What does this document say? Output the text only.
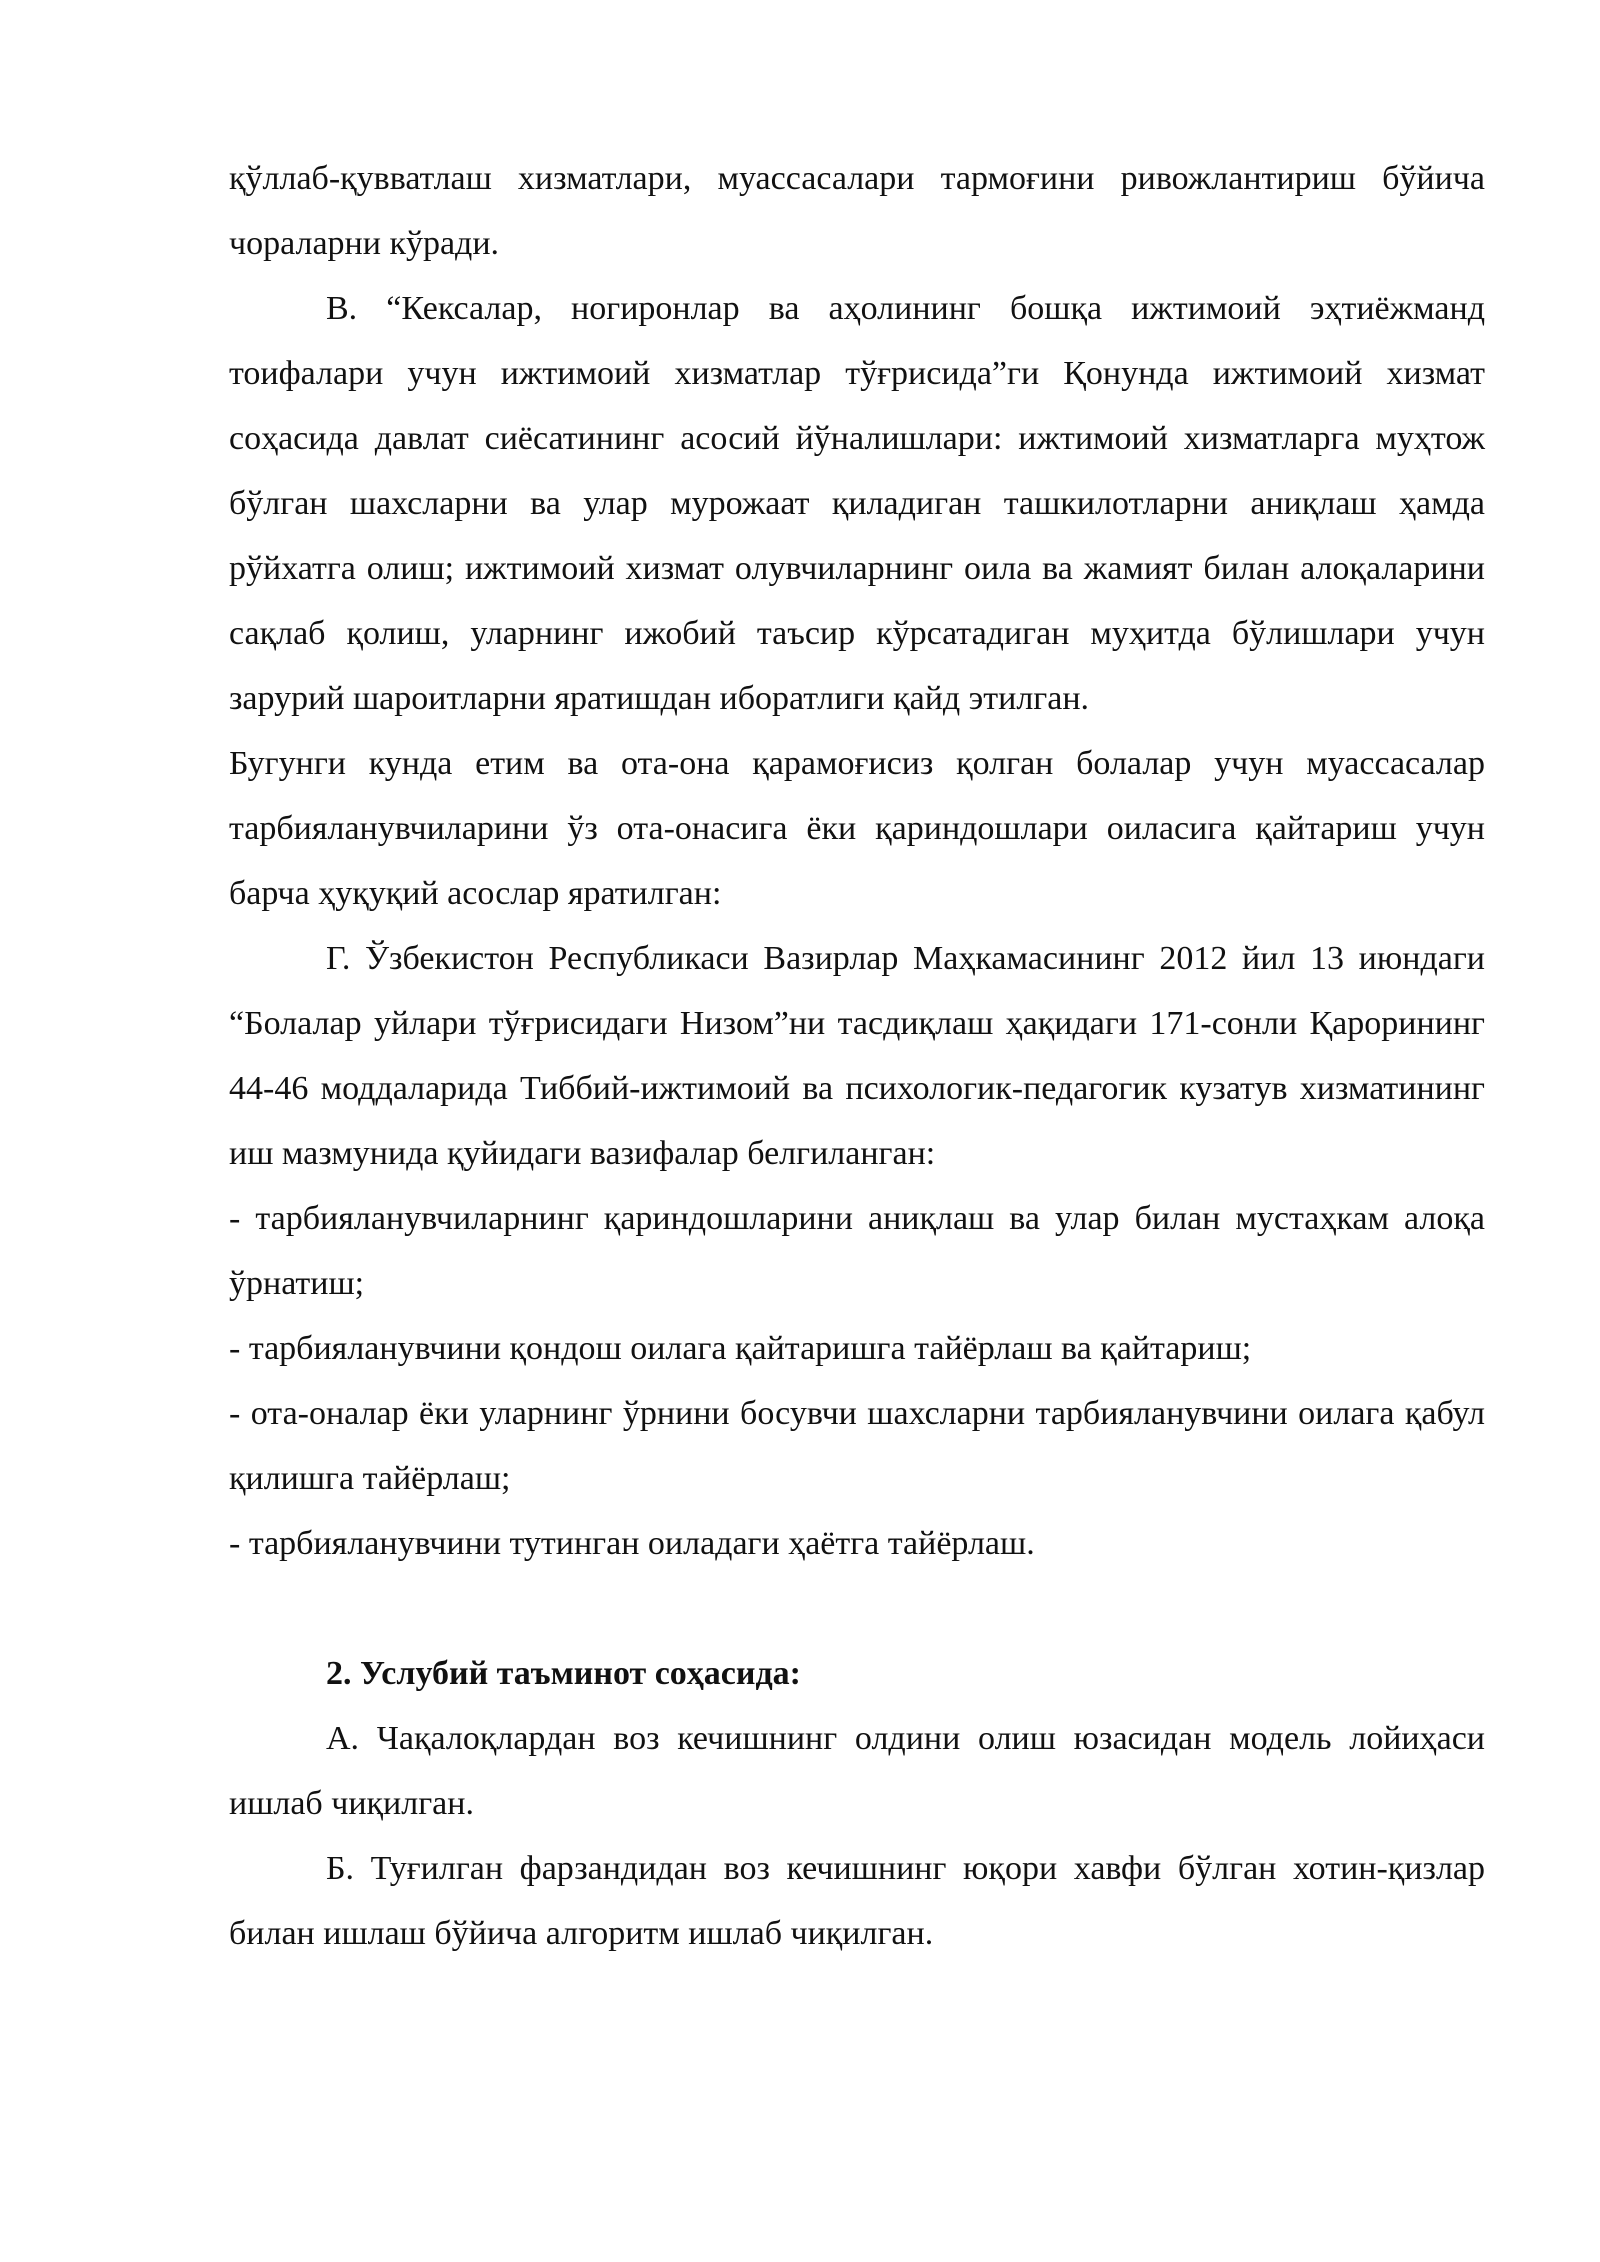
қўллаб-қувватлаш хизматлари, муассасалари тармоғини ривожлантириш бўйича чораларни кўради.

В. “Кексалар, ногиронлар ва аҳолининг бошқа ижтимоий эҳтиёжманд тоифалари учун ижтимоий хизматлар тўғрисида”ги Қонунда ижтимоий хизмат соҳасида давлат сиёсатининг асосий йўналишлари: ижтимоий хизматларга муҳтож бўлган шахсларни ва улар мурожаат қиладиган ташкилотларни аниқлаш ҳамда рўйхатга олиш; ижтимоий хизмат олувчиларнинг оила ва жамият билан алоқаларини сақлаб қолиш, уларнинг ижобий таъсир кўрсатадиган муҳитда бўлишлари учун зарурий шароитларни яратишдан иборатлиги қайд этилган.

Бугунги кунда етим ва ота-она қарамоғисиз қолган болалар учун муассасалар тарбияланувчиларини ўз ота-онасига ёки қариндошлари оиласига қайтариш учун барча ҳуқуқий асослар яратилган:

Г. Ўзбекистон Республикаси Вазирлар Маҳкамасининг 2012 йил 13 июндаги “Болалар уйлари тўғрисидаги Низом”ни тасдиқлаш ҳақидаги 171-сонли Қарорининг 44-46 моддаларида Тиббий-ижтимоий ва психологик-педагогик кузатув хизматининг иш мазмунида қуйидаги вазифалар белгиланган:

- тарбияланувчиларнинг қариндошларини аниқлаш ва улар билан мустаҳкам алоқа ўрнатиш;

- тарбияланувчини қондош оилага қайтаришга тайёрлаш ва қайтариш;

- ота-оналар ёки уларнинг ўрнини босувчи шахсларни тарбияланувчини оилага қабул қилишга тайёрлаш;

- тарбияланувчини тутинган оиладаги ҳаётга тайёрлаш.

2. Услубий таъминот соҳасида:

А. Чақалоқлардан воз кечишнинг олдини олиш юзасидан модель лойиҳаси ишлаб чиқилган.

Б. Туғилган фарзандидан воз кечишнинг юқори хавфи бўлган хотин-қизлар билан ишлаш бўйича алгоритм ишлаб чиқилган.
